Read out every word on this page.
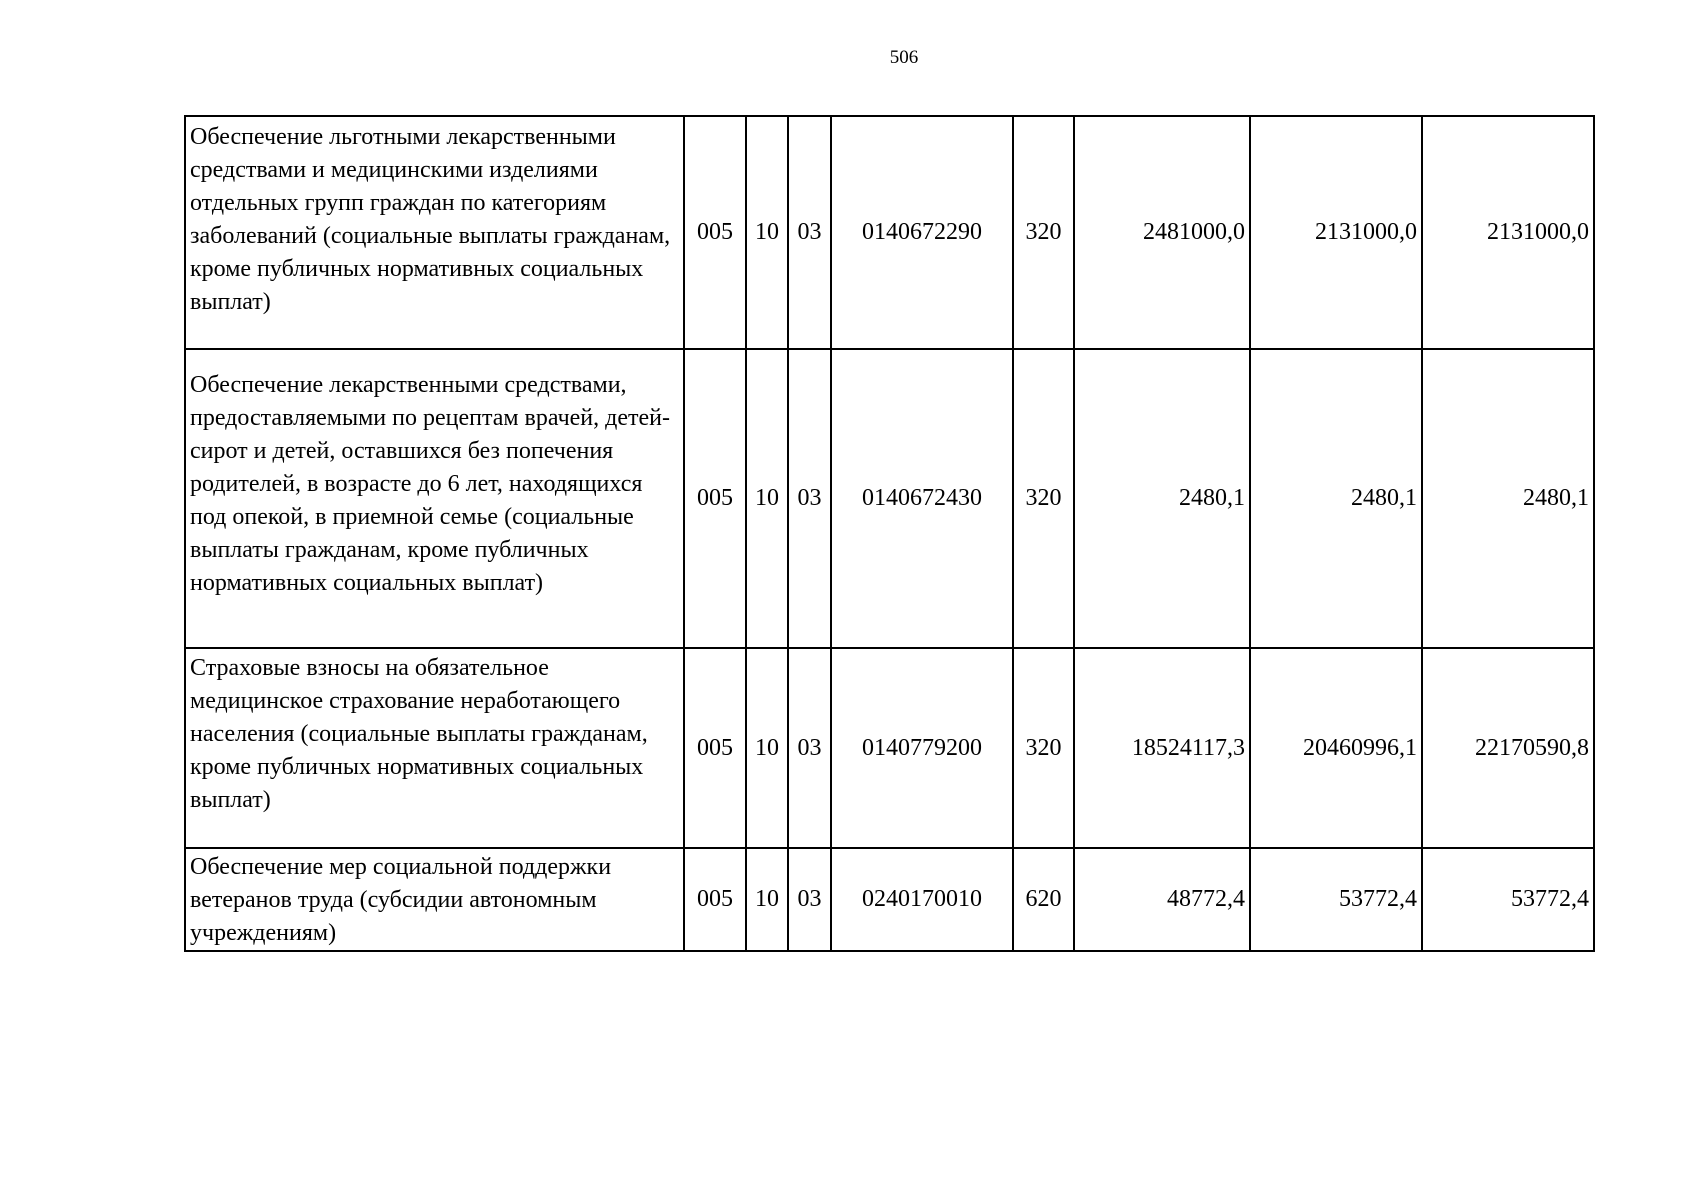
506
Обеспечение льготными лекарственными средствами и медицинскими изделиями отдельных групп граждан по категориям заболеваний (социальные выплаты гражданам, кроме публичных нормативных социальных выплат)	005	10	03	0140672290	320	2481000,0	2131000,0	2131000,0

Обеспечение лекарственными средствами, предоставляемыми по рецептам врачей, детей-сирот и детей, оставшихся без попечения родителей, в возрасте до 6 лет, находящихся под опекой, в приемной семье (социальные выплаты гражданам, кроме публичных нормативных социальных выплат)	005	10	03	0140672430	320	2480,1	2480,1	2480,1

Страховые взносы на обязательное медицинское страхование неработающего населения (социальные выплаты гражданам, кроме публичных нормативных социальных выплат)	005	10	03	0140779200	320	18524117,3	20460996,1	22170590,8

Обеспечение мер социальной поддержки ветеранов труда (субсидии автономным учреждениям)	005	10	03	0240170010	620	48772,4	53772,4	53772,4
